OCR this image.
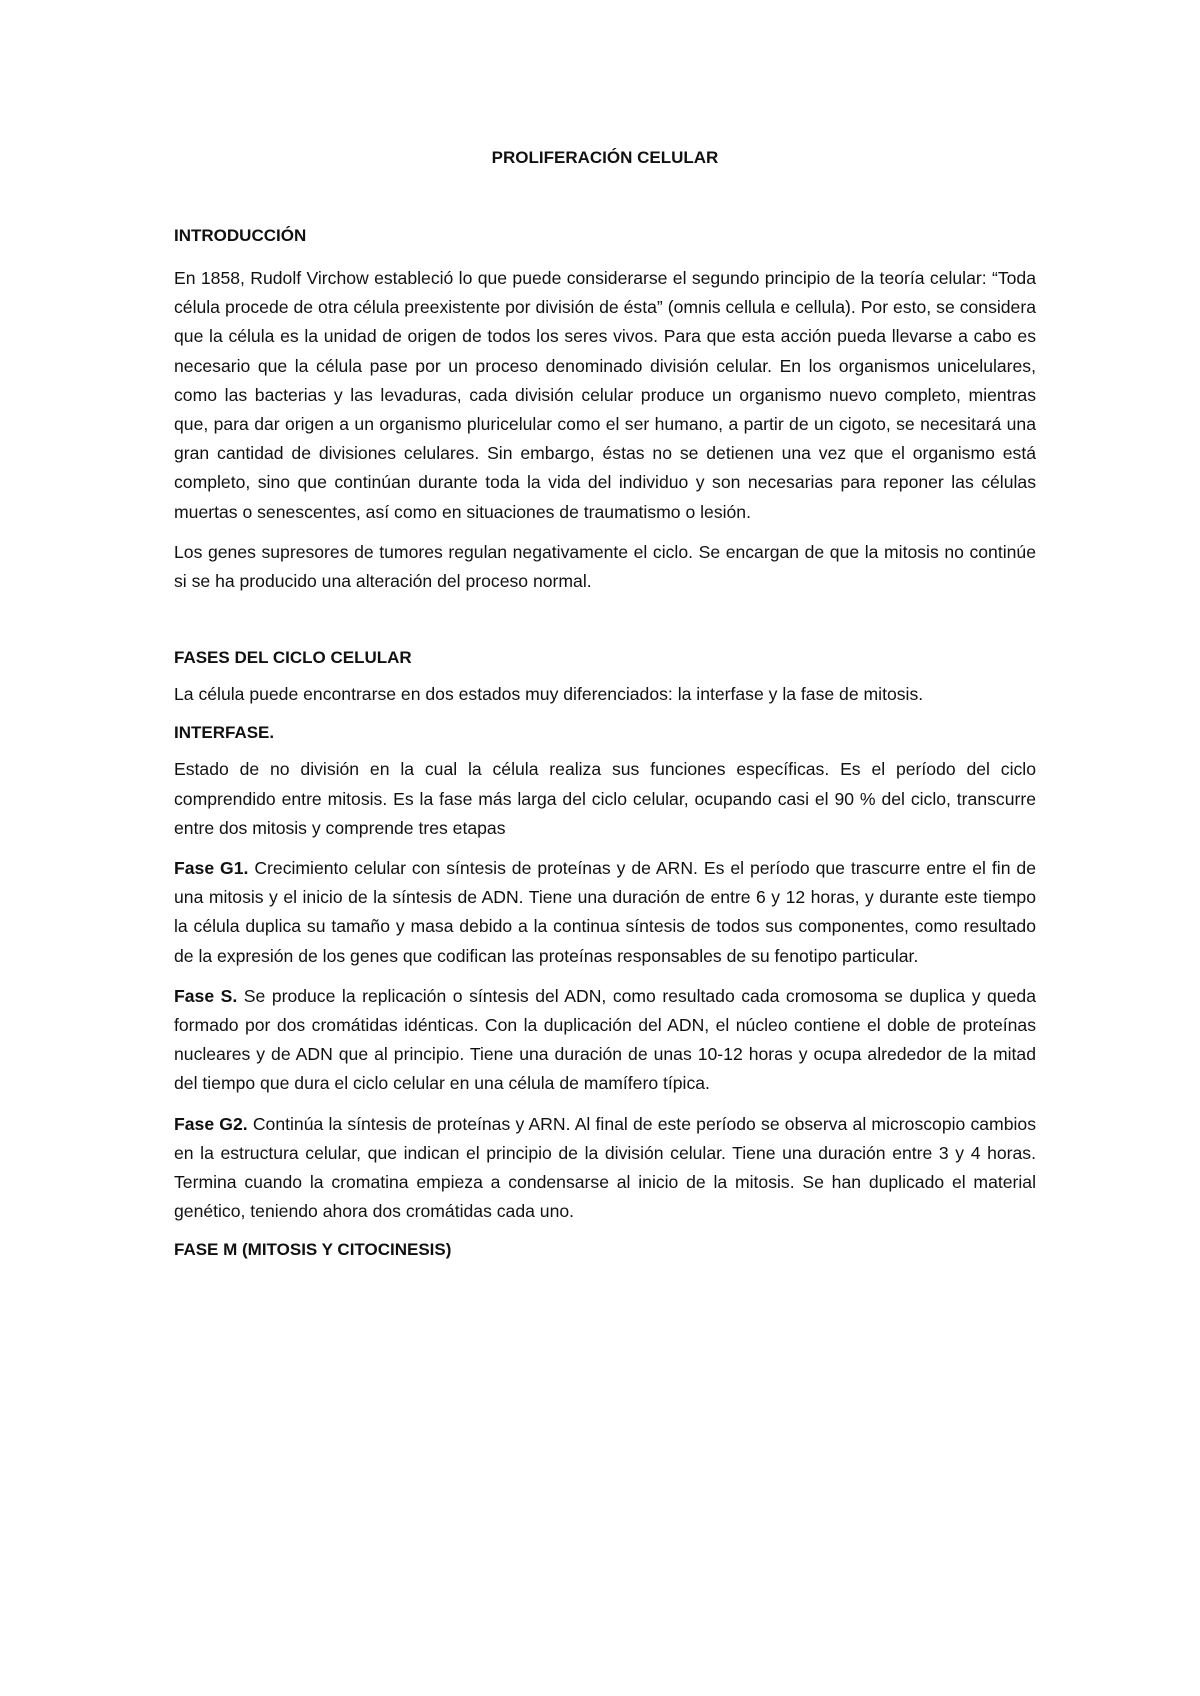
PROLIFERACIÓN CELULAR
INTRODUCCIÓN

En 1858, Rudolf Virchow estableció lo que puede considerarse el segundo principio de la teoría celular: “Toda célula procede de otra célula preexistente por división de ésta” (omnis cellula e cellula). Por esto, se considera que la célula es la unidad de origen de todos los seres vivos. Para que esta acción pueda llevarse a cabo es necesario que la célula pase por un proceso denominado división celular. En los organismos unicelulares, como las bacterias y las levaduras, cada división celular produce un organismo nuevo completo, mientras que, para dar origen a un organismo pluricelular como el ser humano, a partir de un cigoto, se necesitará una gran cantidad de divisiones celulares. Sin embargo, éstas no se detienen una vez que el organismo está completo, sino que continúan durante toda la vida del individuo y son necesarias para reponer las células muertas o senescentes, así como en situaciones de traumatismo o lesión.

Los genes supresores de tumores regulan negativamente el ciclo. Se encargan de que la mitosis no continúe si se ha producido una alteración del proceso normal.

FASES DEL CICLO CELULAR

La célula puede encontrarse en dos estados muy diferenciados: la interfase y la fase de mitosis.

INTERFASE.

Estado de no división en la cual la célula realiza sus funciones específicas. Es el período del ciclo comprendido entre mitosis. Es la fase más larga del ciclo celular, ocupando casi el 90 % del ciclo, transcurre entre dos mitosis y comprende tres etapas

Fase G1. Crecimiento celular con síntesis de proteínas y de ARN. Es el período que trascurre entre el fin de una mitosis y el inicio de la síntesis de ADN. Tiene una duración de entre 6 y 12 horas, y durante este tiempo la célula duplica su tamaño y masa debido a la continua síntesis de todos sus componentes, como resultado de la expresión de los genes que codifican las proteínas responsables de su fenotipo particular.

Fase S. Se produce la replicación o síntesis del ADN, como resultado cada cromosoma se duplica y queda formado por dos cromátidas idénticas. Con la duplicación del ADN, el núcleo contiene el doble de proteínas nucleares y de ADN que al principio. Tiene una duración de unas 10-12 horas y ocupa alrededor de la mitad del tiempo que dura el ciclo celular en una célula de mamífero típica.

Fase G2. Continúa la síntesis de proteínas y ARN. Al final de este período se observa al microscopio cambios en la estructura celular, que indican el principio de la división celular. Tiene una duración entre 3 y 4 horas. Termina cuando la cromatina empieza a condensarse al inicio de la mitosis. Se han duplicado el material genético, teniendo ahora dos cromátidas cada uno.

FASE M (MITOSIS Y CITOCINESIS)
